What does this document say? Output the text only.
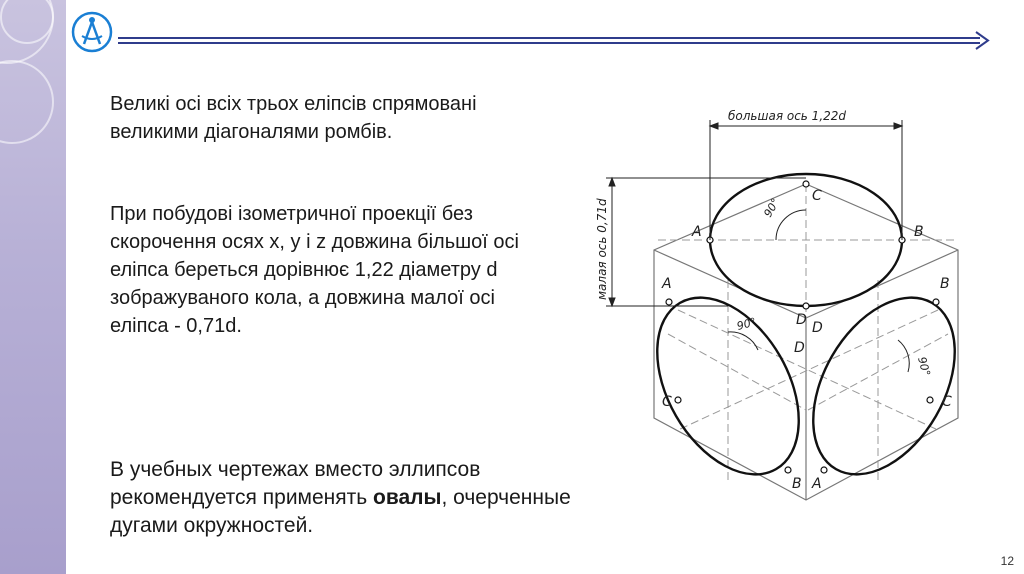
Великі осі всіх трьох еліпсів спрямовані великими діагоналями ромбів.
При побудові ізометричної проекції без скорочення осях x, y і z довжина більшої осі еліпса береться дорівнює 1,22 діаметру d зображуваного кола, а довжина малої осі еліпса - 0,71d.
В учебных чертежах вместо эллипсов рекомендуется применять овалы, очерченные дугами окружностей.
большая ось 1,22d
малая ось 0,71d	90°
90°
90°
A	B
C
D
A
C
B
D
B
C
A
D
12
